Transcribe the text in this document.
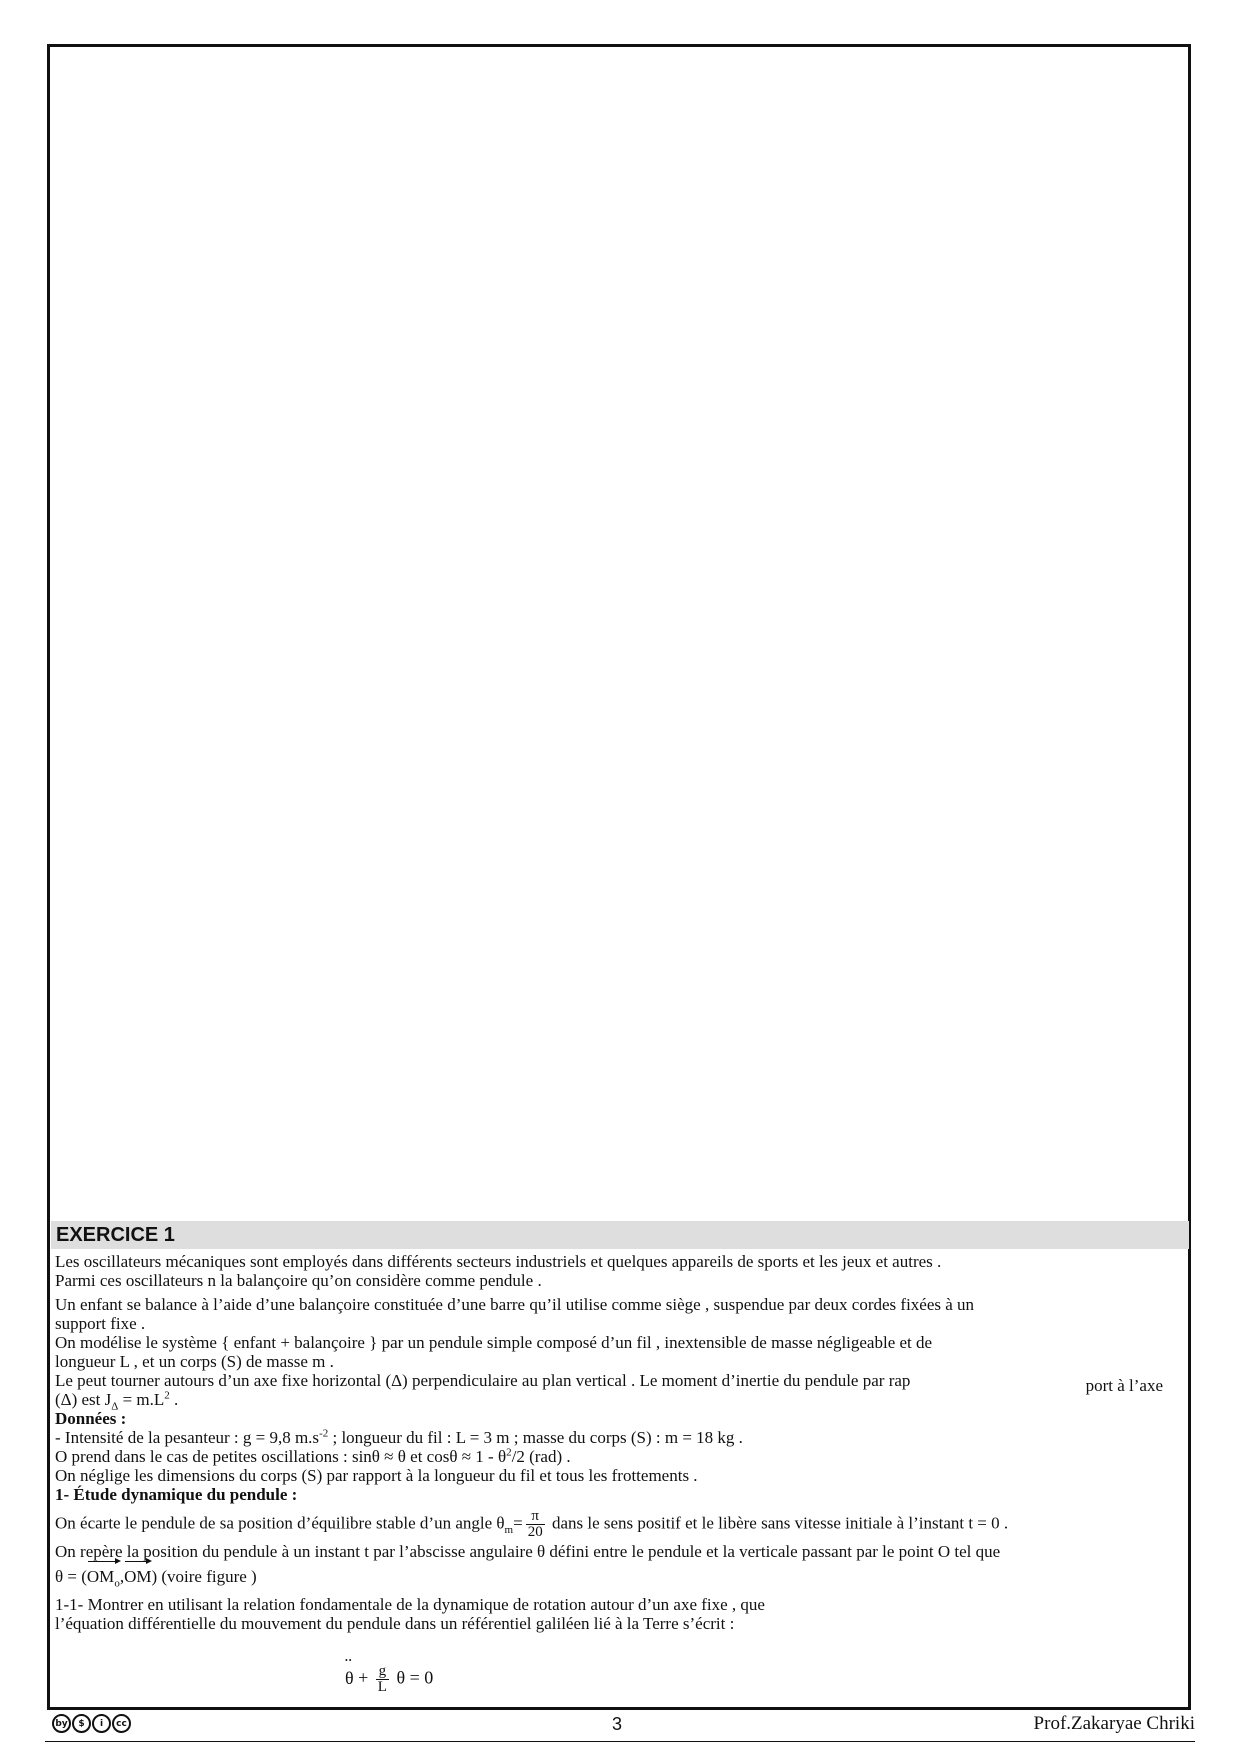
EXERCICE 1

Les oscillateurs mécaniques sont employés dans différents secteurs industriels et quelques appareils de sports et les jeux et autres .

Parmi ces oscillateurs n la balançoire qu’on considère comme pendule .

Un enfant se balance à l’aide d’une balançoire constituée d’une barre qu’il utilise comme siège , suspendue par deux cordes fixées à un

support fixe .

On modélise le système { enfant + balançoire } par un pendule simple composé d’un fil , inextensible de masse négligeable et de

longueur L , et un corps (S) de masse m .

Le peut tourner autours d’un axe fixe horizontal (Δ) perpendiculaire au plan vertical . Le moment d’inertie du pendule par rap	port à l’axe

(Δ) est $J_\Delta = m.L^2$ .

Données :

- Intensité de la pesanteur : g = 9,8 $m.s^{-2}$ ; longueur du fil : L = 3 m ; masse du corps (S) : m = 18 kg .

O prend dans le cas de petites oscillations : sinθ ≈ θ et $\cos\theta \approx 1 - \theta^2/2$ (rad) .

On néglige les dimensions du corps (S) par rapport à la longueur du fil et tous les frottements .

1- Étude dynamique du pendule :

On écarte le pendule de sa position d’équilibre stable d’un angle $\theta_m= \frac{\pi}{20}$ dans le sens positif et le libère sans vitesse initiale à l’instant t = 0 .

On repère la position du pendule à un instant t par l’abscisse angulaire θ défini entre le pendule et la verticale passant par le point O tel que

$\theta = (OM_o,OM)$ (voire figure )

1-1- Montrer en utilisant la relation fondamentale de la dynamique de rotation autour d’un axe fixe , que

l’équation différentielle du mouvement du pendule dans un référentiel galiléen lié à la Terre s’écrit :

•• $\theta + \frac{g}{L}$ θ = 0
by	$	i	cc	3	Prof.Zakaryae Chriki
